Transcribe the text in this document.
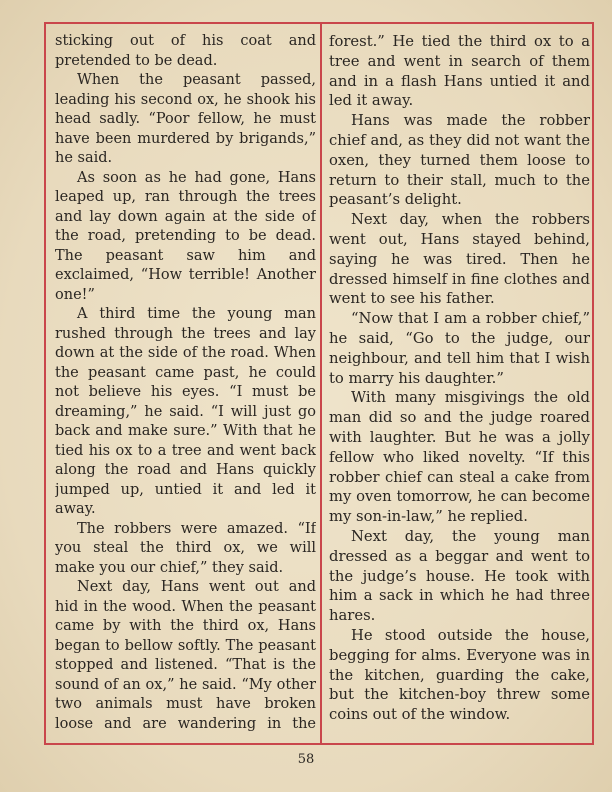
sticking out of his coat and pretended to be dead.

When the peasant passed, leading his second ox, he shook his head sadly. “Poor fellow, he must have been murdered by brigands,” he said.

As soon as he had gone, Hans leaped up, ran through the trees and lay down again at the side of the road, pretending to be dead. The peasant saw him and exclaimed, “How terrible! Another one!”

A third time the young man rushed through the trees and lay down at the side of the road. When the peasant came past, he could not believe his eyes. “I must be dreaming,” he said. “I will just go back and make sure.” With that he tied his ox to a tree and went back along the road and Hans quickly jumped up, untied it and led it away.

The robbers were amazed. “If you steal the third ox, we will make you our chief,” they said.

Next day, Hans went out and hid in the wood. When the peasant came by with the third ox, Hans began to bellow softly. The peasant stopped and listened. “That is the sound of an ox,” he said. “My other two animals must have broken loose and are wandering in the

forest.” He tied the third ox to a tree and went in search of them and in a flash Hans untied it and led it away.

Hans was made the robber chief and, as they did not want the oxen, they turned them loose to return to their stall, much to the peasant’s delight.

Next day, when the robbers went out, Hans stayed behind, saying he was tired. Then he dressed himself in fine clothes and went to see his father.

“Now that I am a robber chief,” he said, “Go to the judge, our neighbour, and tell him that I wish to marry his daughter.”

With many misgivings the old man did so and the judge roared with laughter. But he was a jolly fellow who liked novelty. “If this robber chief can steal a cake from my oven tomorrow, he can become my son-in-law,” he replied.

Next day, the young man dressed as a beggar and went to the judge’s house. He took with him a sack in which he had three hares.

He stood outside the house, begging for alms. Everyone was in the kitchen, guarding the cake, but the kitchen-boy threw some coins out of the window.

58
